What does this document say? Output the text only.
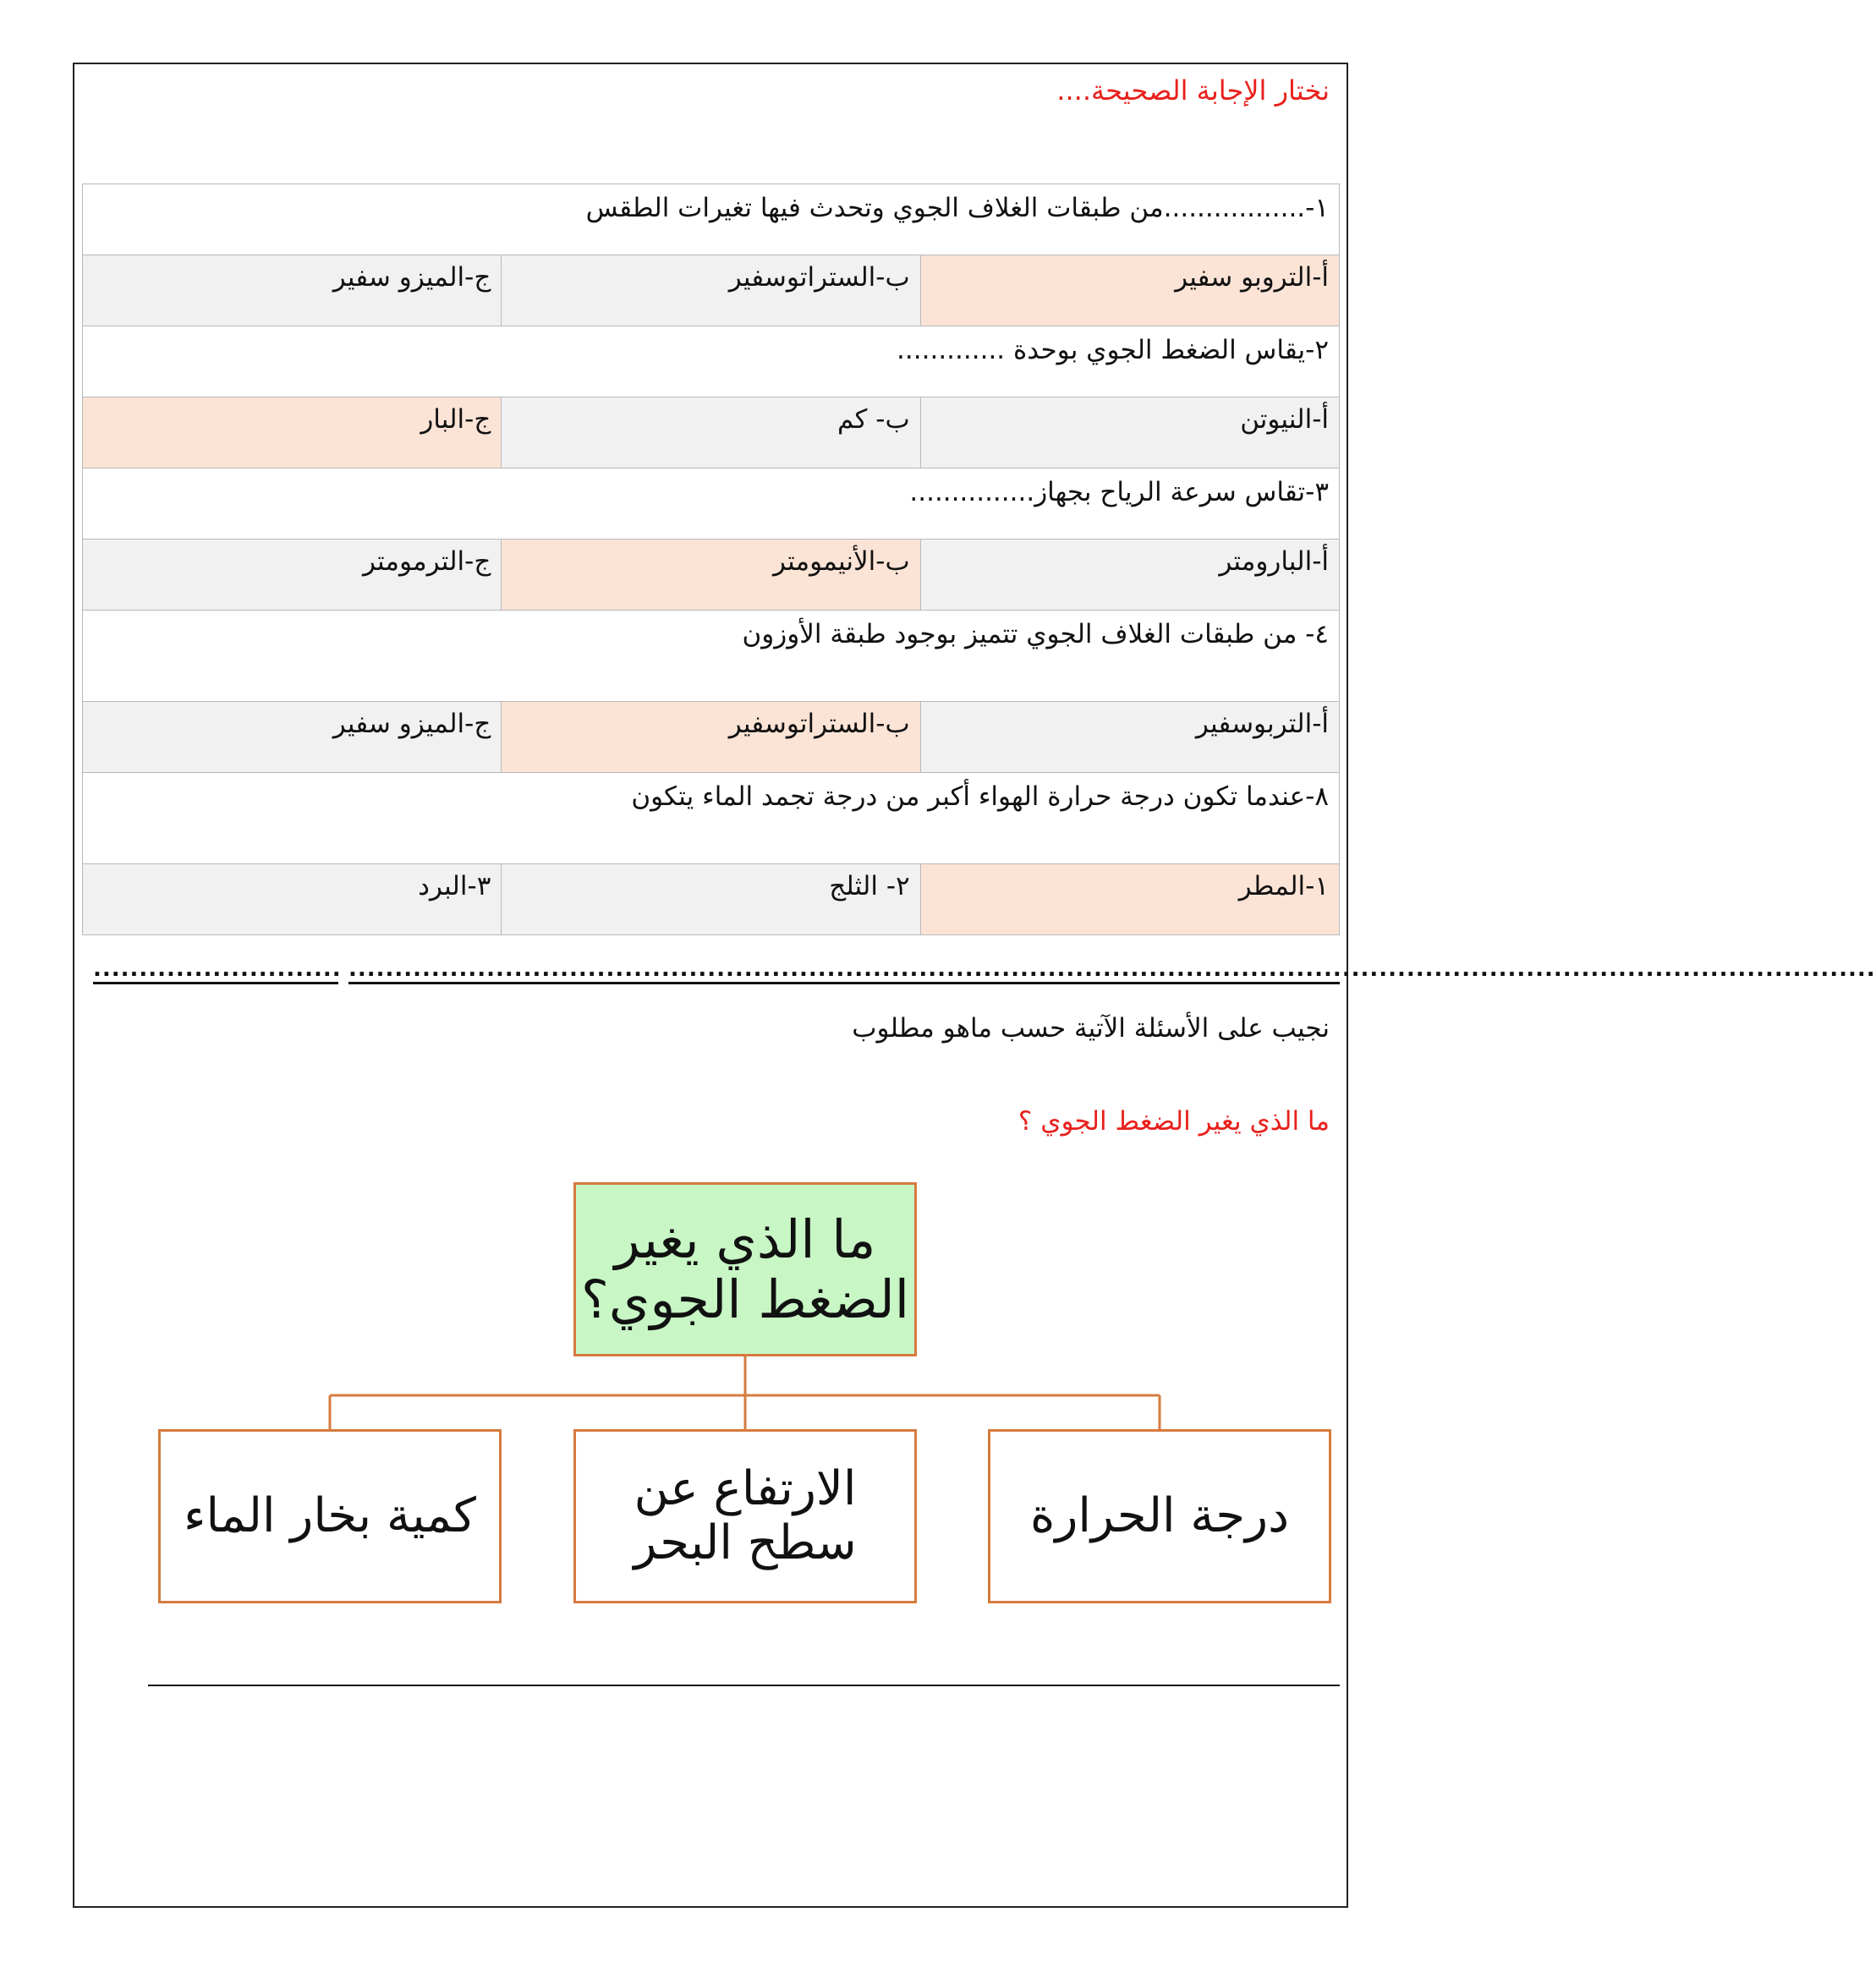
نختار الإجابة الصحيحة....
١-.................من طبقات الغلاف الجوي وتحدث فيها تغيرات الطقس		
أ-التروبو سفير	ب-الستراتوسفير	ج-الميزو سفير
٢-يقاس الضغط الجوي بوحدة .............		
أ-النيوتن	ب- كم	ج-البار
٣-تقاس سرعة الرياح بجهاز...............		
أ-البارومتر	ب-الأنيمومتر	ج-الترمومتر
٤- من طبقات الغلاف الجوي تتميز بوجود طبقة الأوزون		
أ-التربوسفير	ب-الستراتوسفير	ج-الميزو سفير
٨-عندما تكون درجة حرارة الهواء أكبر من درجة تجمد الماء يتكون		
١-المطر	٢- الثلج	٣-البرد
......................................................................................................................................................................
...........................
نجيب على الأسئلة الآتية حسب ماهو مطلوب
ما الذي يغير الضغط الجوي ؟
ما الذي يغير الضغط الجوي؟
درجة الحرارة
الارتفاع عن سطح البحر
كمية بخار الماء
